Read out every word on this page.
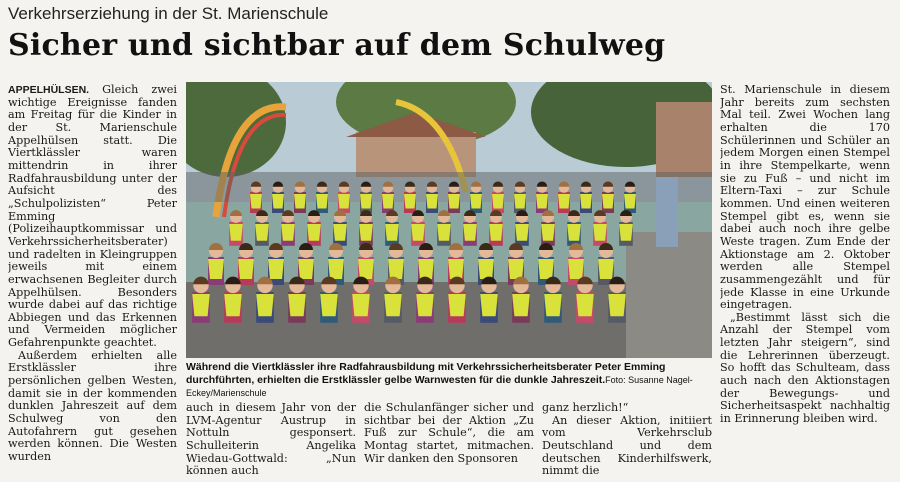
Verkehrserziehung in der St. Marienschule
Sicher und sichtbar auf dem Schulweg

APPELHÜLSEN. Gleich zwei wichtige Ereignisse fanden am Freitag für die Kinder in der St. Marienschule Appelhülsen statt. Die Viertklässler waren mittendrin in ihrer Radfahrausbildung unter der Aufsicht des „Schulpolizisten“ Peter Emming (Polizeihauptkommissar und Verkehrssicherheitsberater) und radelten in Kleingruppen jeweils mit einem erwachsenen Begleiter durch Appelhülsen. Besonders wurde dabei auf das richtige Abbiegen und das Erkennen und Vermeiden möglicher Gefahrenpunkte geachtet.

Außerdem erhielten alle Erstklässler ihre persönlichen gelben Westen, damit sie in der kommenden dunklen Jahreszeit auf dem Schulweg von den Autofahrern gut gesehen werden können. Die Westen wurden

Während die Viertklässler ihre Radfahrausbildung mit Verkehrssicherheitsberater Peter Emming durchführten, erhielten die Erstklässler gelbe Warnwesten für die dunkle Jahreszeit.Foto: Susanne Nagel-Eckey/Marienschule

auch in diesem Jahr von der LVM-Agentur Austrup in Nottuln gesponsert. Schulleiterin Angelika Wiedau-Gottwald: „Nun können auch

die Schulanfänger sicher und sichtbar bei der Aktion „Zu Fuß zur Schule“, die am Montag startet, mitmachen. Wir danken den Sponsoren

ganz herzlich!“

An dieser Aktion, initiiert vom Verkehrsclub Deutschland und dem deutschen Kinderhilfswerk, nimmt die

St. Marienschule in diesem Jahr bereits zum sechsten Mal teil. Zwei Wochen lang erhalten die 170 Schülerinnen und Schüler an jedem Morgen einen Stempel in ihre Stempelkarte, wenn sie zu Fuß – und nicht im Eltern-Taxi – zur Schule kommen. Und einen weiteren Stempel gibt es, wenn sie dabei auch noch ihre gelbe Weste tragen. Zum Ende der Aktionstage am 2. Oktober werden alle Stempel zusammengezählt und für jede Klasse in eine Urkunde eingetragen.

„Bestimmt lässt sich die Anzahl der Stempel vom letzten Jahr steigern“, sind die Lehrerinnen überzeugt. So hofft das Schulteam, dass auch nach den Aktionstagen der Bewegungs- und Sicherheitsaspekt nachhaltig in Erinnerung bleiben wird.
